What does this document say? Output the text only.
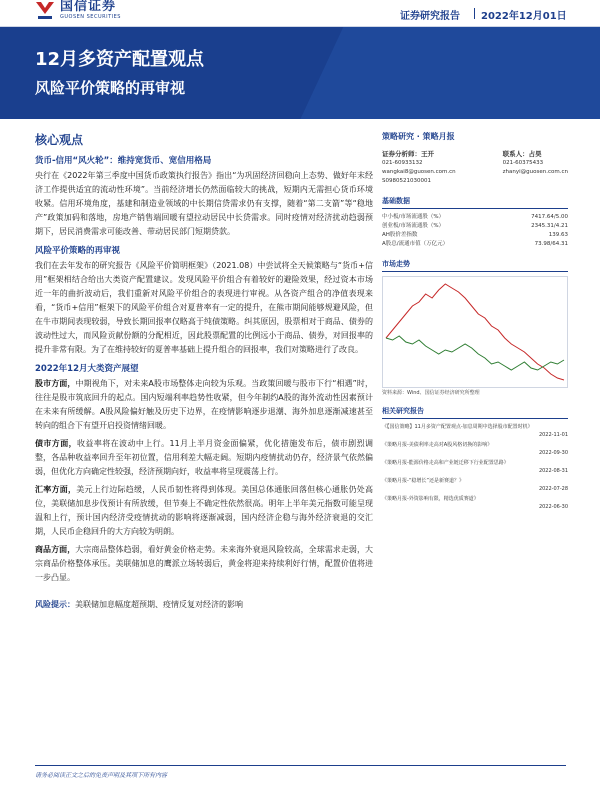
国信证券
GUOSEN SECURITIES	证券研究报告 2022年12月01日
12月多资产配置观点
风险平价策略的再审视
核心观点
货币-信用“风火轮”：维持宽货币、宽信用格局

央行在《2022年第三季度中国货币政策执行报告》指出“为巩固经济回稳向上态势、做好年末经济工作提供适宜的流动性环境”。当前经济增长仍然面临较大的挑战，短期内无需担心货币环境收紧。信用环境角度，基建和制造业领域的中长期信贷需求仍有支撑，随着“第二支箭”等“稳地产”政策加码和落地，房地产销售端回暖有望拉动居民中长贷需求。同时疫情对经济扰动趋弱预期下，居民消费需求可能改善、带动居民部门短期贷款。

风险平价策略的再审视

我们在去年发布的研究报告《风险平价简明框架》（2021.08）中尝试将全天候策略与“货币+信用”框架相结合给出大类资产配置建议。发现风险平价组合有着较好的避险效果，经过资本市场近一年的曲折波动后，我们重新对风险平价组合的表现进行审视。从各资产组合的净值表现来看，“货币+信用”框架下的风险平价组合对夏普率有一定的提升，在熊市期间能够规避风险，但在牛市期间表现较弱，导致长期回报率仅略高于纯债策略。纠其原因，股票相对于商品、债券的波动性过大，而风险贡献份额的分配相近，因此股票配置的比例远小于商品、债券，对回报率的提升非常有限。为了在维持较好的夏普率基础上提升组合的回报率，我们对策略进行了改良。

2022年12月大类资产展望

股市方面，中期视角下，对未来A股市场整体走向较为乐观。当政策回暖与股市下行“相遇”时，往往是股市筑底回升的起点。国内短端利率趋势性收紧，但今年制约A股的海外流动性因素预计在未来有所缓解。A股风险偏好触及历史下边界，在疫情影响逐步退潮、海外加息逐渐减速甚至转向的组合下有望开启投资情绪回暖。

债市方面，收益率将在波动中上行。11月上半月资金面偏紧，优化措施发布后，债市剧烈调整，各品种收益率回升至年初位置，信用利差大幅走阔。短期内疫情扰动仍存，经济景气依然偏弱，但优化方向确定性较强，经济预期向好，收益率将呈现震荡上行。

汇率方面，美元上行边际趋缓，人民币韧性将得到体现。美国总体通胀回落但核心通胀仍处高位，美联储加息步伐预计有所放缓，但节奏上不确定性依然很高。明年上半年美元指数可能呈现温和上行，预计国内经济受疫情扰动的影响将逐渐减弱，国内经济企稳与海外经济衰退的交汇期，人民币企稳回升的大方向较为明朗。

商品方面，大宗商品整体趋弱，看好黄金价格走势。未来海外衰退风险较高，全球需求走弱，大宗商品价格整体承压。美联储加息的鹰派立场转弱后，黄金将迎来持续利好行情，配置价值将进一步凸显。

风险提示：美联储加息幅度超预期、疫情反复对经济的影响
策略研究 · 策略月报
证券分析师：王开
021-60933132
wangkai8@guosen.com.cn
S0980521030001
联系人：占昊
021-60375433
zhanyi@guosen.com.cn
基础数据
中小板/市场流通股（%）	7417.64/5.00
创业板/市场流通股（%）	2345.31/4.21
AH股价差指数	139.63
A股总/流通市值（万亿元）	73.98/64.31
市场走势
资料来源：Wind、国信证券经济研究所整理
相关研究报告
《【国信策略】11月多资产配置观点-加息周期中选择股市配置时机》
2022-11-01
《策略月报-美债利率走高对A股风格切换的影响》
2022-09-30
《策略月报-能源价格走高和产业链迁移下行业配置思路》
2022-08-31
《策略月报-“稳增长”还是新赛道？》
2022-07-28
《策略月报-外资影响有限，精选优质赛道》
2022-06-30
请务必阅读正文之后的免责声明及其项下所有内容
